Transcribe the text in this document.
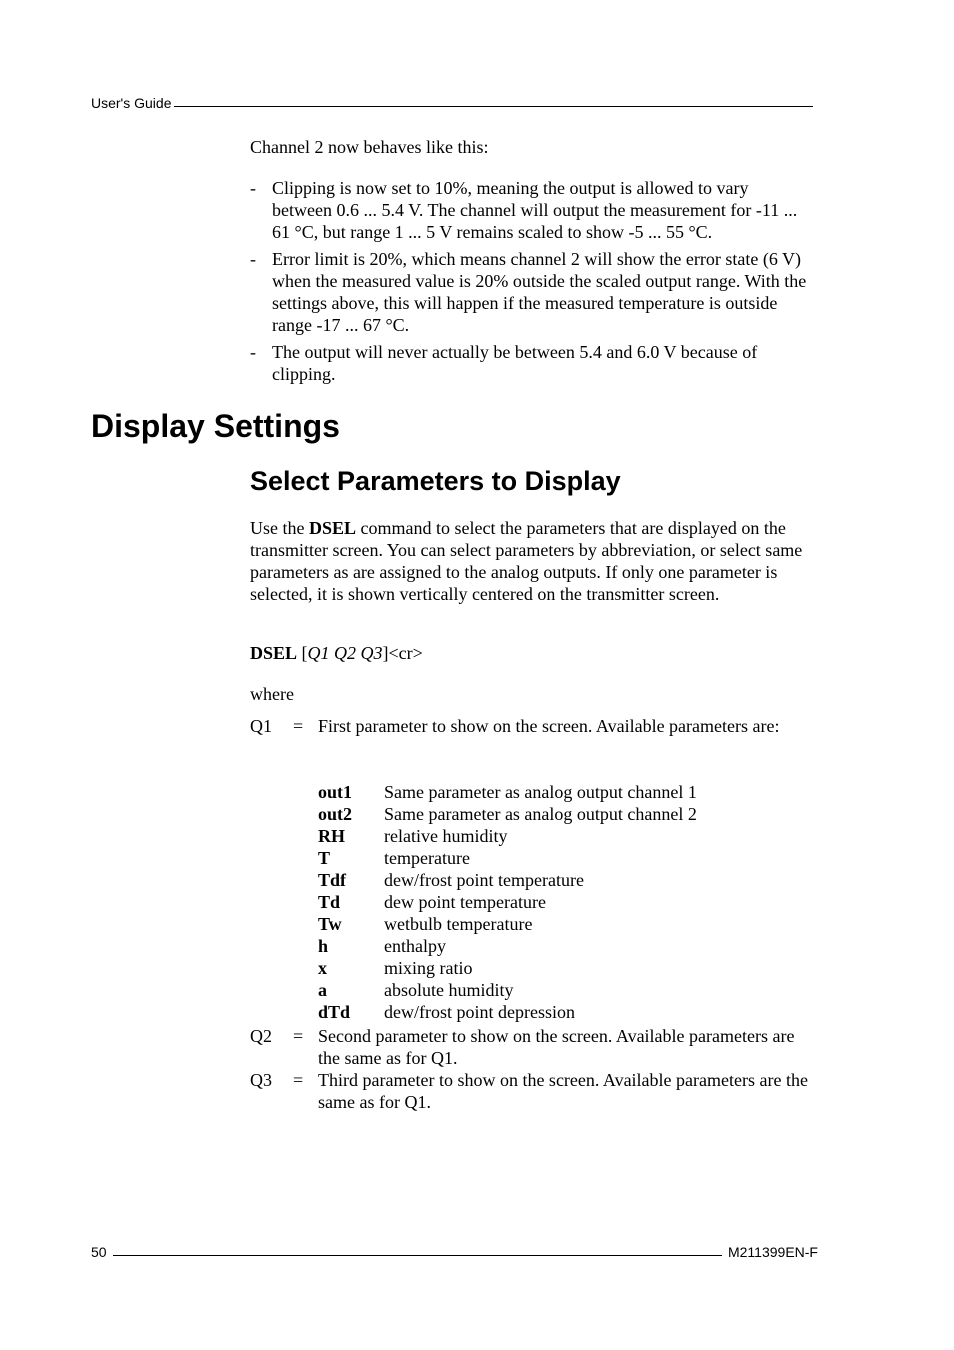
User's Guide
Channel 2 now behaves like this:
- Clipping is now set to 10%, meaning the output is allowed to vary between 0.6 ... 5.4 V. The channel will output the measurement for -11 ... 61 °C, but range 1 ... 5 V remains scaled to show -5 ... 55 °C.
- Error limit is 20%, which means channel 2 will show the error state (6 V) when the measured value is 20% outside the scaled output range. With the settings above, this will happen if the measured temperature is outside range -17 ... 67 °C.
- The output will never actually be between 5.4 and 6.0 V because of clipping.
Display Settings
Select Parameters to Display
Use the DSEL command to select the parameters that are displayed on the transmitter screen. You can select parameters by abbreviation, or select same parameters as are assigned to the analog outputs. If only one parameter is selected, it is shown vertically centered on the transmitter screen.
DSEL [Q1 Q2 Q3]<cr>
where
Q1	= First parameter to show on the screen. Available parameters are:
out1	Same parameter as analog output channel 1
out2	Same parameter as analog output channel 2
RH	relative humidity
T	temperature
Tdf	dew/frost point temperature
Td	dew point temperature
Tw	wetbulb temperature
h	enthalpy
x	mixing ratio
a	absolute humidity
dTd	dew/frost point depression
Q2	= Second parameter to show on the screen. Available parameters are the same as for Q1.
Q3	= Third parameter to show on the screen. Available parameters are the same as for Q1.
50	M211399EN-F
